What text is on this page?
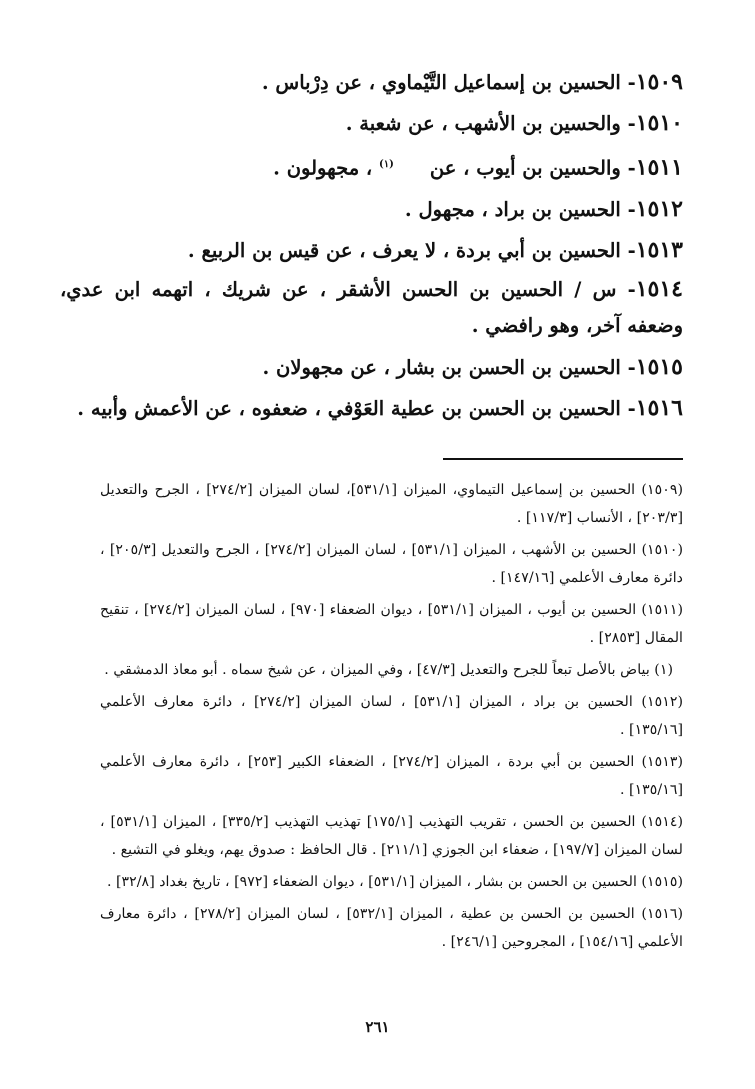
١٥٠٩- الحسين بن إسماعيل التَّيْماوي ، عن دِرْباس .
١٥١٠- والحسين بن الأشهب ، عن شعبة .
١٥١١- والحسين بن أيوب ، عن$^{(١)}$ ، مجهولون .
١٥١٢- الحسين بن براد ، مجهول .
١٥١٣- الحسين بن أبي بردة ، لا يعرف ، عن قيس بن الربيع .
١٥١٤- س / الحسين بن الحسن الأشقر ، عن شريك ، اتهمه ابن عدي، وضعفه آخر، وهو رافضي .
١٥١٥- الحسين بن الحسن بن بشار ، عن مجهولان .
١٥١٦- الحسين بن الحسن بن عطية العَوْفي ، ضعفوه ، عن الأعمش وأبيه .
(١٥٠٩) الحسين بن إسماعيل التيماوي، الميزان [٥٣١/١]، لسان الميزان [٢٧٤/٢] ، الجرح والتعديل [٢٠٣/٣] ، الأنساب [١١٧/٣] .
(١٥١٠) الحسين بن الأشهب ، الميزان [٥٣١/١] ، لسان الميزان [٢٧٤/٢] ، الجرح والتعديل [٢٠٥/٣] ، دائرة معارف الأعلمي [١٤٧/١٦] .
(١٥١١) الحسين بن أيوب ، الميزان [٥٣١/١] ، ديوان الضعفاء [٩٧٠] ، لسان الميزان [٢٧٤/٢] ، تنقيح المقال [٢٨٥٣] .
(١) بياض بالأصل تبعاً للجرح والتعديل [٤٧/٣] ، وفي الميزان ، عن شيخ سماه . أبو معاذ الدمشقي .
(١٥١٢) الحسين بن براد ، الميزان [٥٣١/١] ، لسان الميزان [٢٧٤/٢] ، دائرة معارف الأعلمي [١٣٥/١٦] .
(١٥١٣) الحسين بن أبي بردة ، الميزان [٢٧٤/٢] ، الضعفاء الكبير [٢٥٣] ، دائرة معارف الأعلمي [١٣٥/١٦] .
(١٥١٤) الحسين بن الحسن ، تقريب التهذيب [١٧٥/١] تهذيب التهذيب [٣٣٥/٢] ، الميزان [٥٣١/١] ، لسان الميزان [١٩٧/٧] ، ضعفاء ابن الجوزي [٢١١/١] . قال الحافظ : صدوق يهم، ويغلو في التشيع .
(١٥١٥) الحسين بن الحسن بن بشار ، الميزان [٥٣١/١] ، ديوان الضعفاء [٩٧٢] ، تاريخ بغداد [٣٢/٨] .
(١٥١٦) الحسين بن الحسن بن عطية ، الميزان [٥٣٢/١] ، لسان الميزان [٢٧٨/٢] ، دائرة معارف الأعلمي [١٥٤/١٦] ، المجروحين [٢٤٦/١] .
٢٦١
